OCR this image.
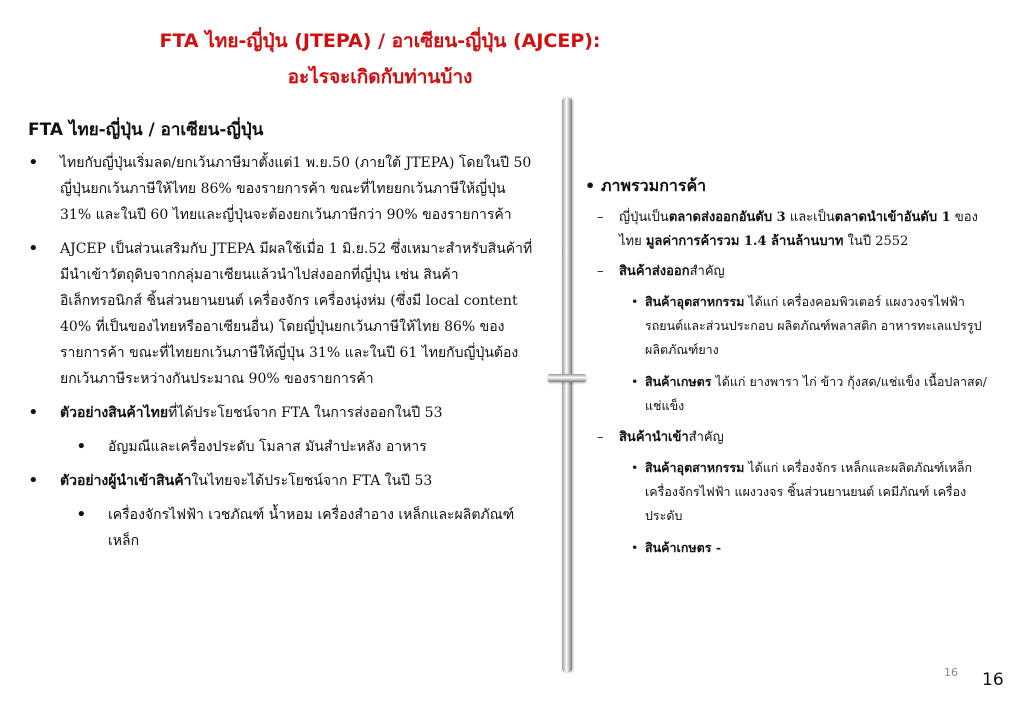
FTA ไทย-ญี่ปุ่น (JTEPA) / อาเซียน-ญี่ปุ่น (AJCEP):
อะไรจะเกิดกับท่านบ้าง
FTA ไทย-ญี่ปุ่น / อาเซียน-ญี่ปุ่น
• ไทยกับญี่ปุ่นเริ่มลด/ยกเว้นภาษีมาตั้งแต่1 พ.ย.50 (ภายใต้ JTEPA) โดยในปี 50 ญี่ปุ่นยกเว้นภาษีให้ไทย 86% ของรายการค้า ขณะที่ไทยยกเว้นภาษีให้ญี่ปุ่น 31% และในปี 60 ไทยและญี่ปุ่นจะต้องยกเว้นภาษีกว่า 90% ของรายการค้า
• AJCEP เป็นส่วนเสริมกับ JTEPA มีผลใช้เมื่อ 1 มิ.ย.52 ซึ่งเหมาะสำหรับสินค้าที่มีนำเข้าวัตถุดิบจากกลุ่มอาเซียนแล้วนำไปส่งออกที่ญี่ปุ่น เช่น สินค้าอิเล็กทรอนิกส์ ชิ้นส่วนยานยนต์ เครื่องจักร เครื่องนุ่งห่ม (ซึ่งมี local content 40% ที่เป็นของไทยหรืออาเซียนอื่น) โดยญี่ปุ่นยกเว้นภาษีให้ไทย 86% ของรายการค้า ขณะที่ไทยยกเว้นภาษีให้ญี่ปุ่น 31% และในปี 61 ไทยกับญี่ปุ่นต้องยกเว้นภาษีระหว่างกันประมาณ 90% ของรายการค้า
• ตัวอย่างสินค้าไทยที่ได้ประโยชน์จาก FTA ในการส่งออกในปี 53
• อัญมณีและเครื่องประดับ โมลาส มันสำปะหลัง อาหาร
• ตัวอย่างผู้นำเข้าสินค้าในไทยจะได้ประโยชน์จาก FTA ในปี 53
• เครื่องจักรไฟฟ้า เวชภัณฑ์ น้ำหอม เครื่องสำอาง เหล็กและผลิตภัณฑ์เหล็ก
• ภาพรวมการค้า
– ญี่ปุ่นเป็นตลาดส่งออกอันดับ 3 และเป็นตลาดนำเข้าอันดับ 1 ของไทย มูลค่าการค้ารวม 1.4 ล้านล้านบาท ในปี 2552
– สินค้าส่งออกสำคัญ
• สินค้าอุตสาหกรรม ได้แก่ เครื่องคอมพิวเตอร์ แผงวงจรไฟฟ้า รถยนต์และส่วนประกอบ ผลิตภัณฑ์พลาสติก อาหารทะเลแปรรูป ผลิตภัณฑ์ยาง
• สินค้าเกษตร ได้แก่ ยางพารา ไก่ ข้าว กุ้งสด/แช่แข็ง เนื้อปลาสด/แช่แข็ง
– สินค้านำเข้าสำคัญ
• สินค้าอุตสาหกรรม ได้แก่ เครื่องจักร เหล็กและผลิตภัณฑ์เหล็ก เครื่องจักรไฟฟ้า แผงวงจร ชิ้นส่วนยานยนต์ เคมีภัณฑ์ เครื่องประดับ
• สินค้าเกษตร -
16 16
